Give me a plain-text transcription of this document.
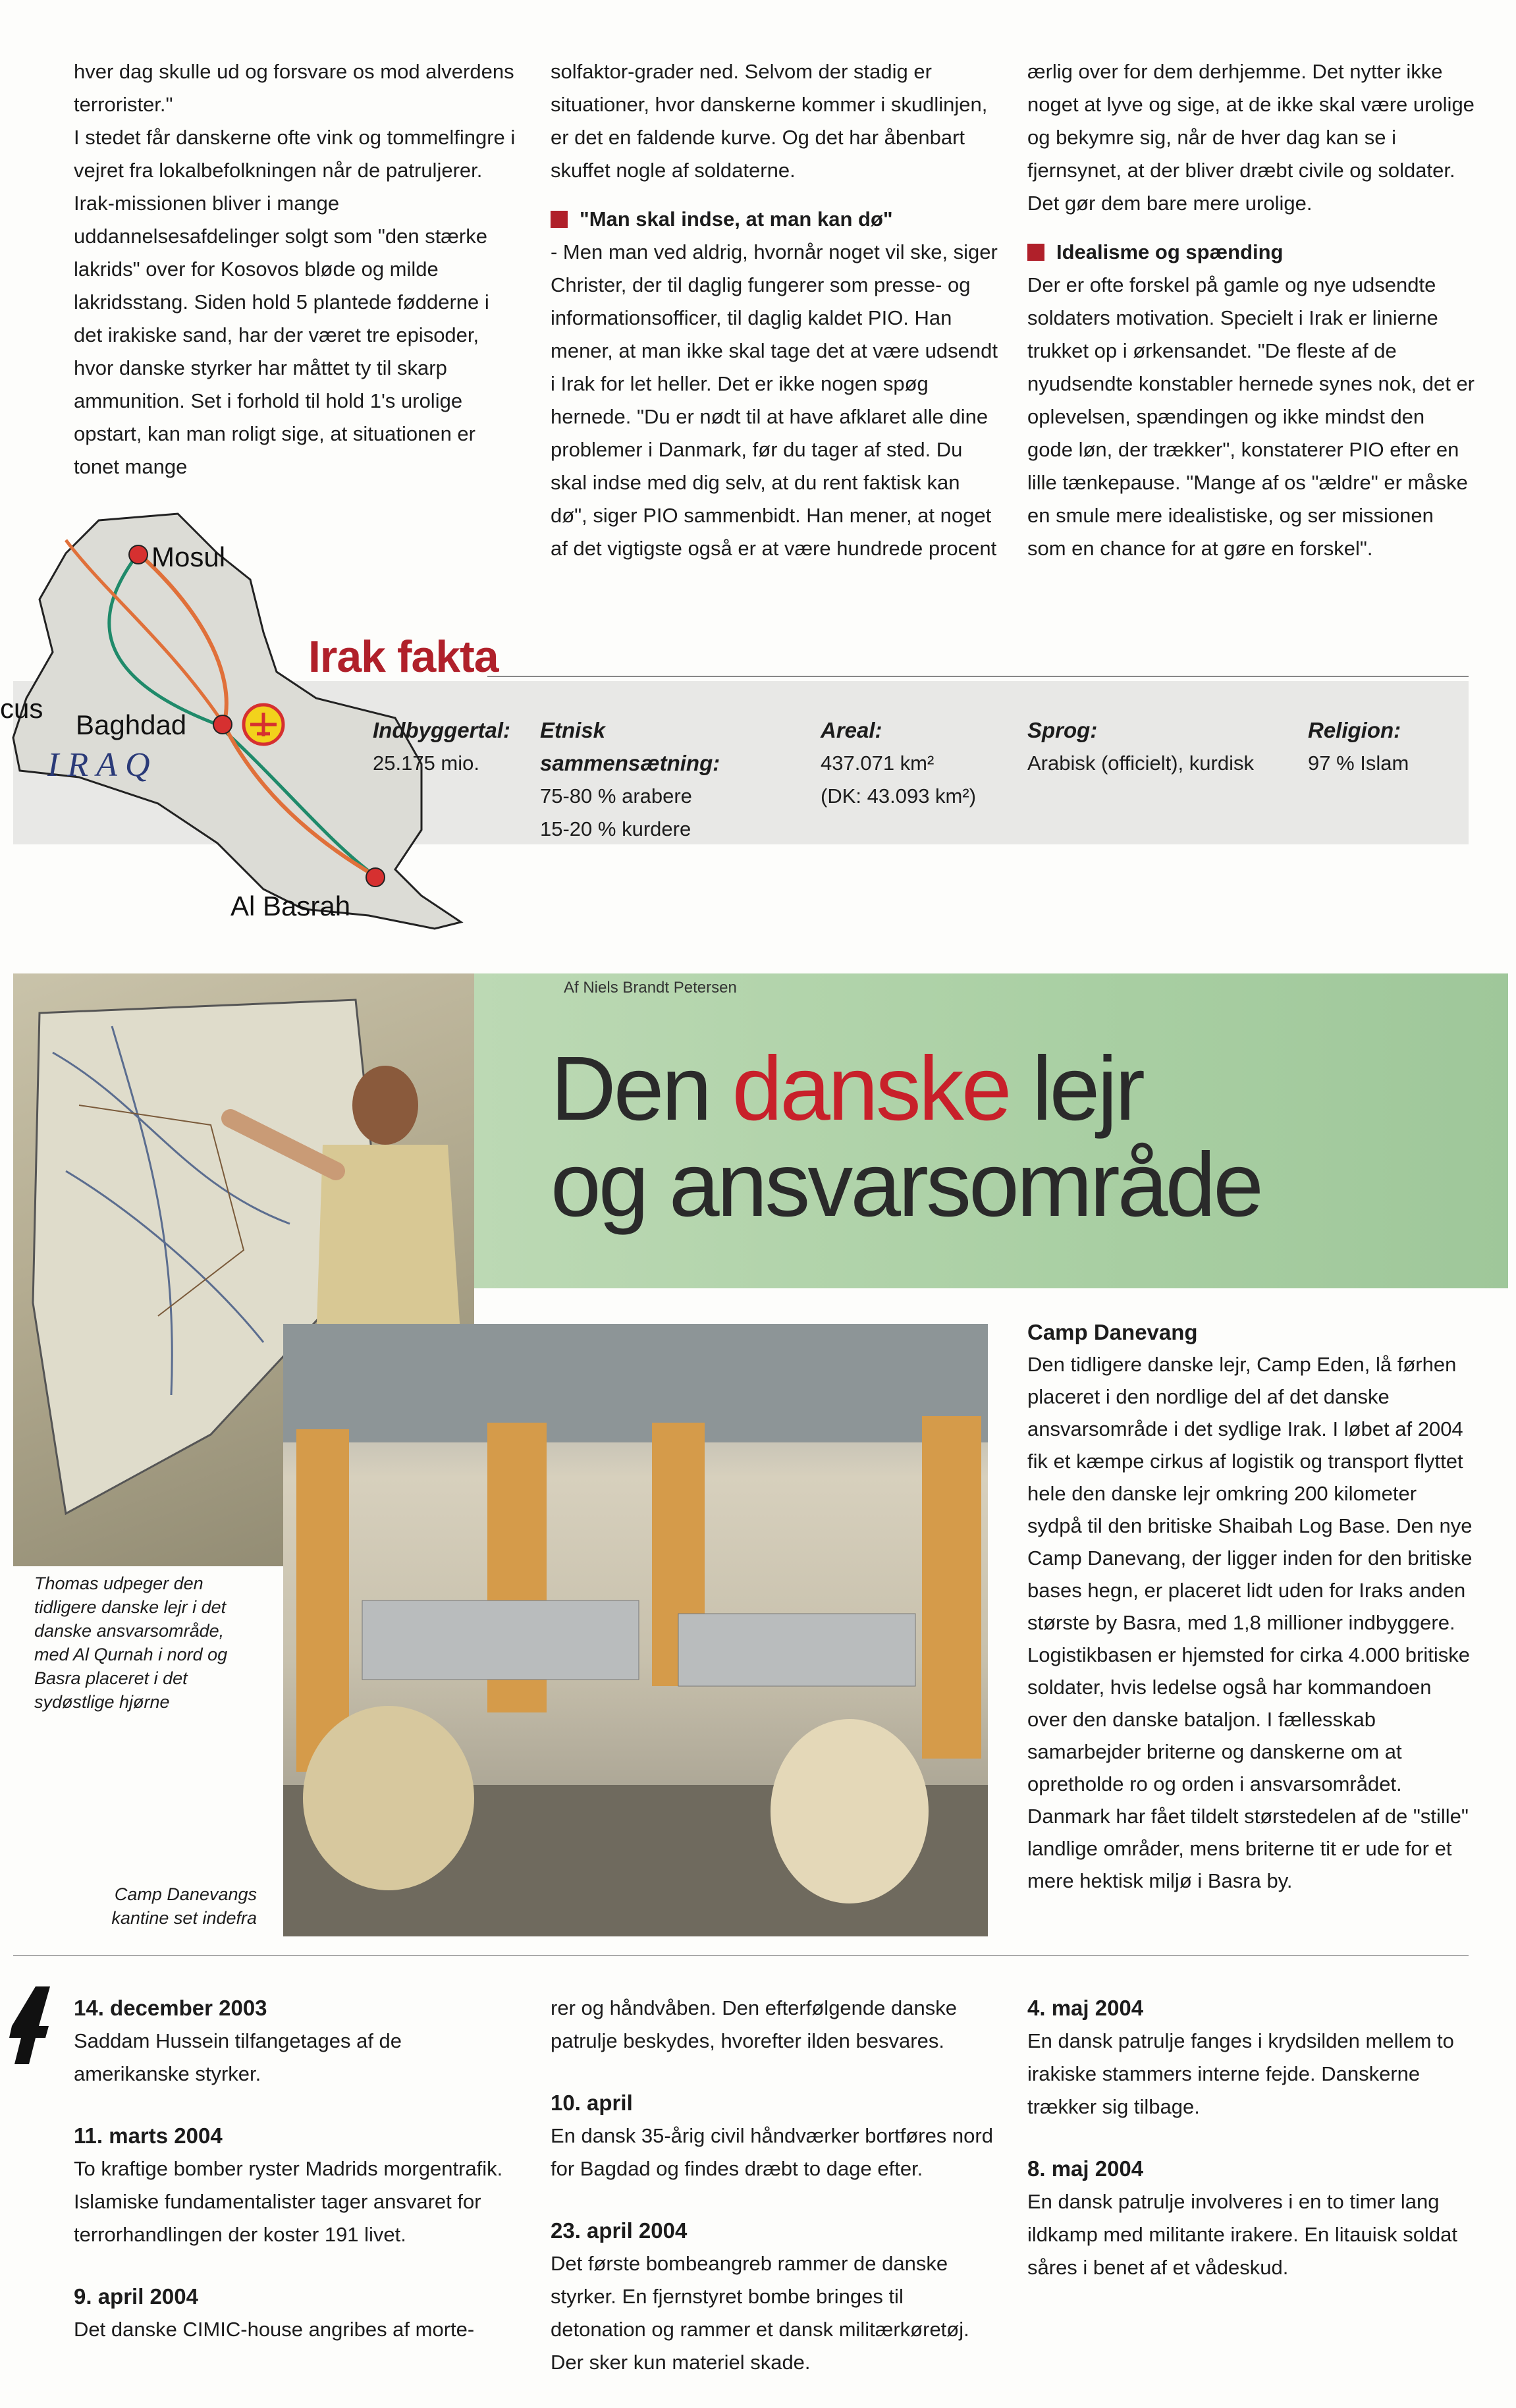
hver dag skulle ud og forsvare os mod alverdens terrorister."

I stedet får danskerne ofte vink og tommelfingre i vejret fra lokalbefolkningen når de patruljerer.

Irak-missionen bliver i mange uddannelsesafdelinger solgt som "den stærke lakrids" over for Kosovos bløde og milde lakridsstang. Siden hold 5 plantede fødderne i det irakiske sand, har der været tre episoder, hvor danske styrker har måttet ty til skarp ammunition. Set i forhold til hold 1's urolige opstart, kan man roligt sige, at situationen er tonet mange

solfaktor-grader ned. Selvom der stadig er situationer, hvor danskerne kommer i skudlinjen, er det en faldende kurve. Og det har åbenbart skuffet nogle af soldaterne.

"Man skal indse, at man kan dø"

- Men man ved aldrig, hvornår noget vil ske, siger Christer, der til daglig fungerer som presse- og informationsofficer, til daglig kaldet PIO. Han mener, at man ikke skal tage det at være udsendt i Irak for let heller. Det er ikke nogen spøg hernede. "Du er nødt til at have afklaret alle dine problemer i Danmark, før du tager af sted. Du skal indse med dig selv, at du rent faktisk kan dø", siger PIO sammenbidt. Han mener, at noget af det vigtigste også er at være hundrede procent

ærlig over for dem derhjemme. Det nytter ikke noget at lyve og sige, at de ikke skal være urolige og bekymre sig, når de hver dag kan se i fjernsynet, at der bliver dræbt civile og soldater. Det gør dem bare mere urolige.

Idealisme og spænding

Der er ofte forskel på gamle og nye udsendte soldaters motivation. Specielt i Irak er linierne trukket op i ørkensandet. "De fleste af de nyudsendte konstabler hernede synes nok, det er oplevelsen, spændingen og ikke mindst den gode løn, der trækker", konstaterer PIO efter en lille tænkepause. "Mange af os "ældre" er måske en smule mere idealistiske, og ser missionen som en chance for at gøre en forskel".

Mosul
Baghdad
Al Basrah
I R A Q
cus
Irak fakta
Indbyggertal:
25.175 mio.
Etnisk sammensætning:
75-80 % arabere
15-20 % kurdere
Areal:
437.071 km²
(DK: 43.093 km²)
Sprog:
Arabisk (officielt), kurdisk
Religion:
97 % Islam
Af Niels Brandt Petersen
Den danske lejr
og ansvarsområde
Thomas udpeger den tidligere danske lejr i det danske ansvarsområde, med Al Qurnah i nord og Basra placeret i det sydøstlige hjørne
Camp Danevangs kantine set indefra

Camp Danevang

Den tidligere danske lejr, Camp Eden, lå førhen placeret i den nordlige del af det danske ansvarsområde i det sydlige Irak. I løbet af 2004 fik et kæmpe cirkus af logistik og transport flyttet hele den danske lejr omkring 200 kilometer sydpå til den britiske Shaibah Log Base. Den nye Camp Danevang, der ligger inden for den britiske bases hegn, er placeret lidt uden for Iraks anden største by Basra, med 1,8 millioner indbyggere. Logistikbasen er hjemsted for cirka 4.000 britiske soldater, hvis ledelse også har kommandoen over den danske bataljon. I fællesskab samarbejder briterne og danskerne om at opretholde ro og orden i ansvarsområdet. Danmark har fået tildelt størstedelen af de "stille" landlige områder, mens briterne tit er ude for et mere hektisk miljø i Basra by.

14. december 2003

Saddam Hussein tilfangetages af de amerikanske styrker.

11. marts 2004

To kraftige bomber ryster Madrids morgentrafik. Islamiske fundamentalister tager ansvaret for terrorhandlingen der koster 191 livet.

9. april 2004

Det danske CIMIC-house angribes af morte-

rer og håndvåben. Den efterfølgende danske patrulje beskydes, hvorefter ilden besvares.

10. april

En dansk 35-årig civil håndværker bortføres nord for Bagdad og findes dræbt to dage efter.

23. april 2004

Det første bombeangreb rammer de danske styrker. En fjernstyret bombe bringes til detonation og rammer et dansk militærkøretøj. Der sker kun materiel skade.

4. maj 2004

En dansk patrulje fanges i krydsilden mellem to irakiske stammers interne fejde. Danskerne trækker sig tilbage.

8. maj 2004

En dansk patrulje involveres i en to timer lang ildkamp med militante irakere. En litauisk soldat såres i benet af et vådeskud.
